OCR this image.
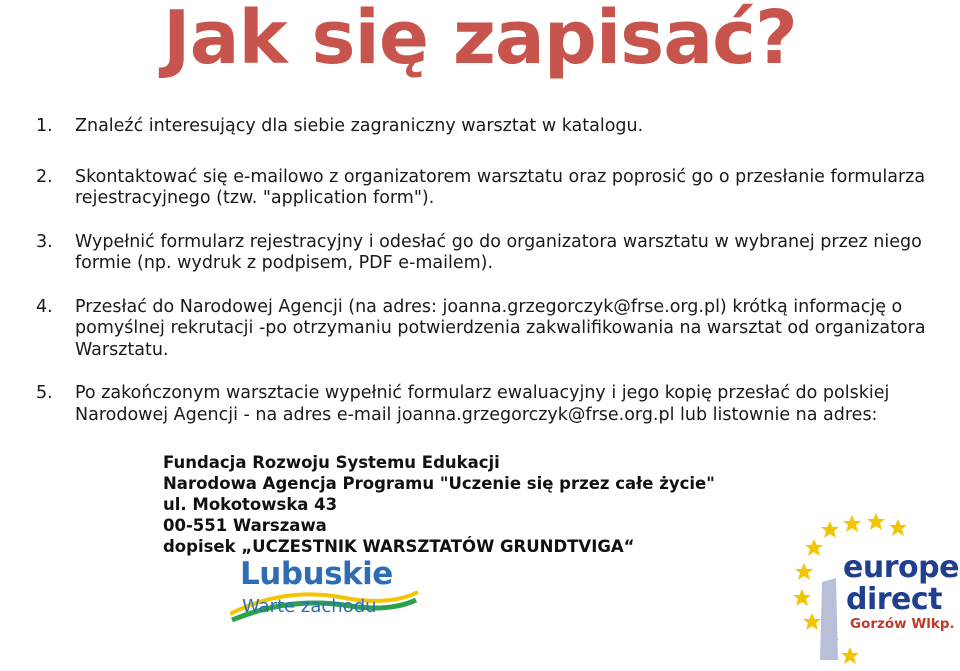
Jak się zapisać?
1.	Znaleźć interesujący dla siebie zagraniczny warsztat w katalogu.
2.	Skontaktować się e-mailowo z organizatorem warsztatu oraz poprosić go o przesłanie formularza rejestracyjnego (tzw. "application form").
3.	Wypełnić formularz rejestracyjny i odesłać go do organizatora warsztatu w wybranej przez niego formie (np. wydruk z podpisem, PDF e-mailem).
4.	Przesłać do Narodowej Agencji (na adres: joanna.grzegorczyk@frse.org.pl) krótką informację o pomyślnej rekrutacji -po otrzymaniu potwierdzenia zakwalifikowania na warsztat od organizatora Warsztatu.
5.	Po zakończonym warsztacie wypełnić formularz ewaluacyjny i jego kopię przesłać do polskiej Narodowej Agencji - na adres e-mail joanna.grzegorczyk@frse.org.pl lub listownie na adres:
Fundacja Rozwoju Systemu Edukacji
Narodowa Agencja Programu "Uczenie się przez całe życie"
ul. Mokotowska 43
00-551 Warszawa
dopisek „UCZESTNIK WARSZTATÓW GRUNDTVIGA“
Lubuskie
Warte zachodu
europe
direct
Gorzów Wlkp.
